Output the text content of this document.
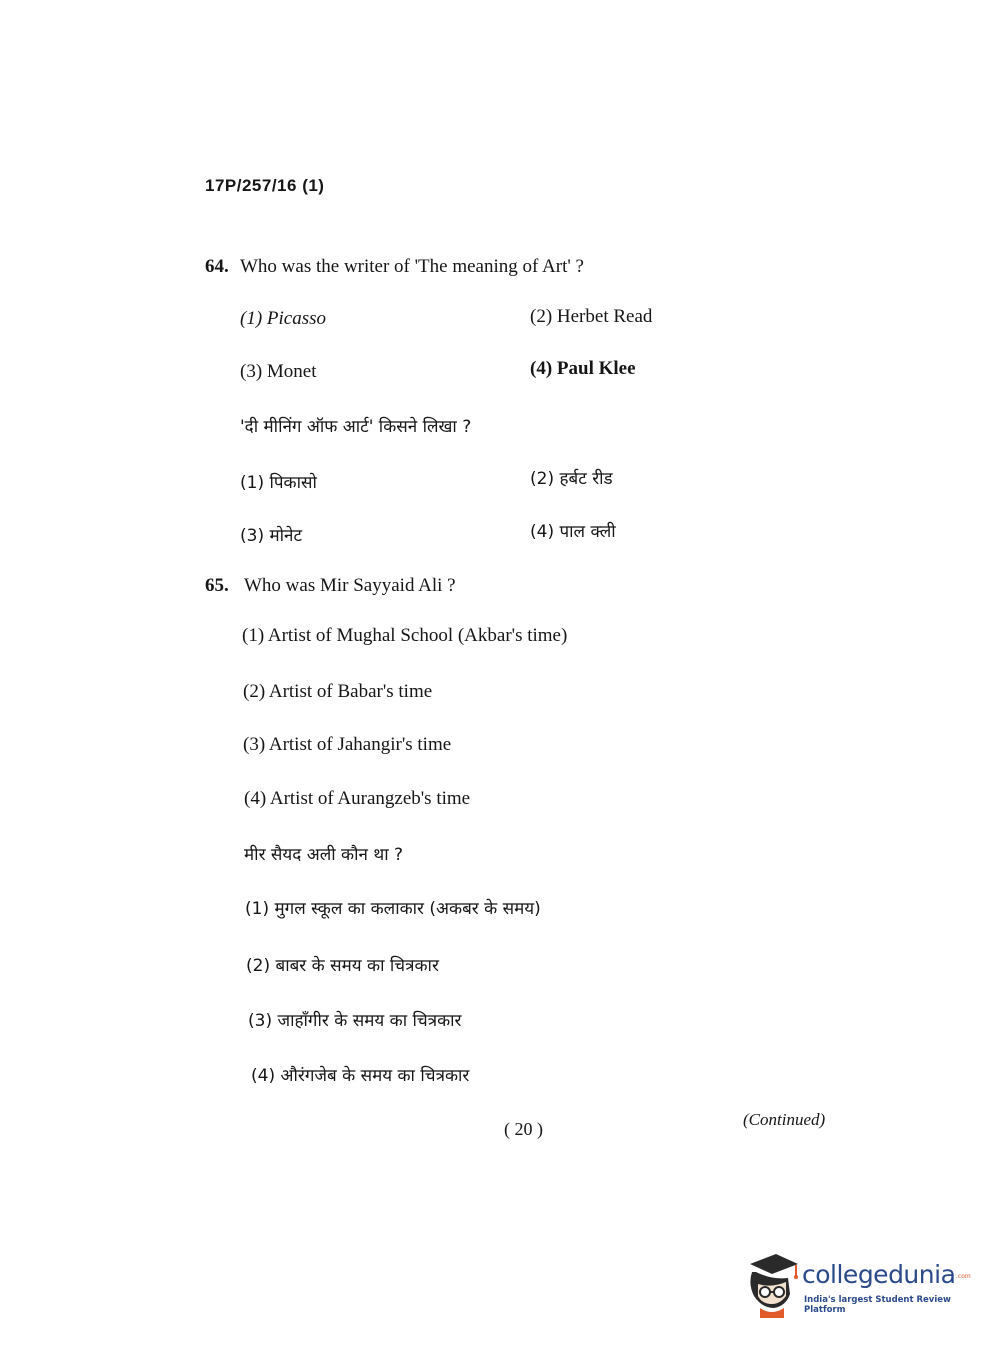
17P/257/16 (1)
64. Who was the writer of 'The meaning of Art' ?
(1) Picasso	(2) Herbet Read
(3) Monet	(4) Paul Klee
'दी मीनिंग ऑफ आर्ट' किसने लिखा ?
(1) पिकासो	(2) हर्बट रीड
(3) मोनेट	(4) पाल क्ली
65. Who was Mir Sayyaid Ali ?
(1) Artist of Mughal School (Akbar's time)
(2) Artist of Babar's time
(3) Artist of Jahangir's time
(4) Artist of Aurangzeb's time
मीर सैयद अली कौन था ?
(1) मुगल स्कूल का कलाकार (अकबर के समय)
(2) बाबर के समय का चित्रकार
(3) जाहाँगीर के समय का चित्रकार
(4) औरंगजेब के समय का चित्रकार
( 20 )	(Continued)
collegedunia .com
India's largest Student Review Platform
